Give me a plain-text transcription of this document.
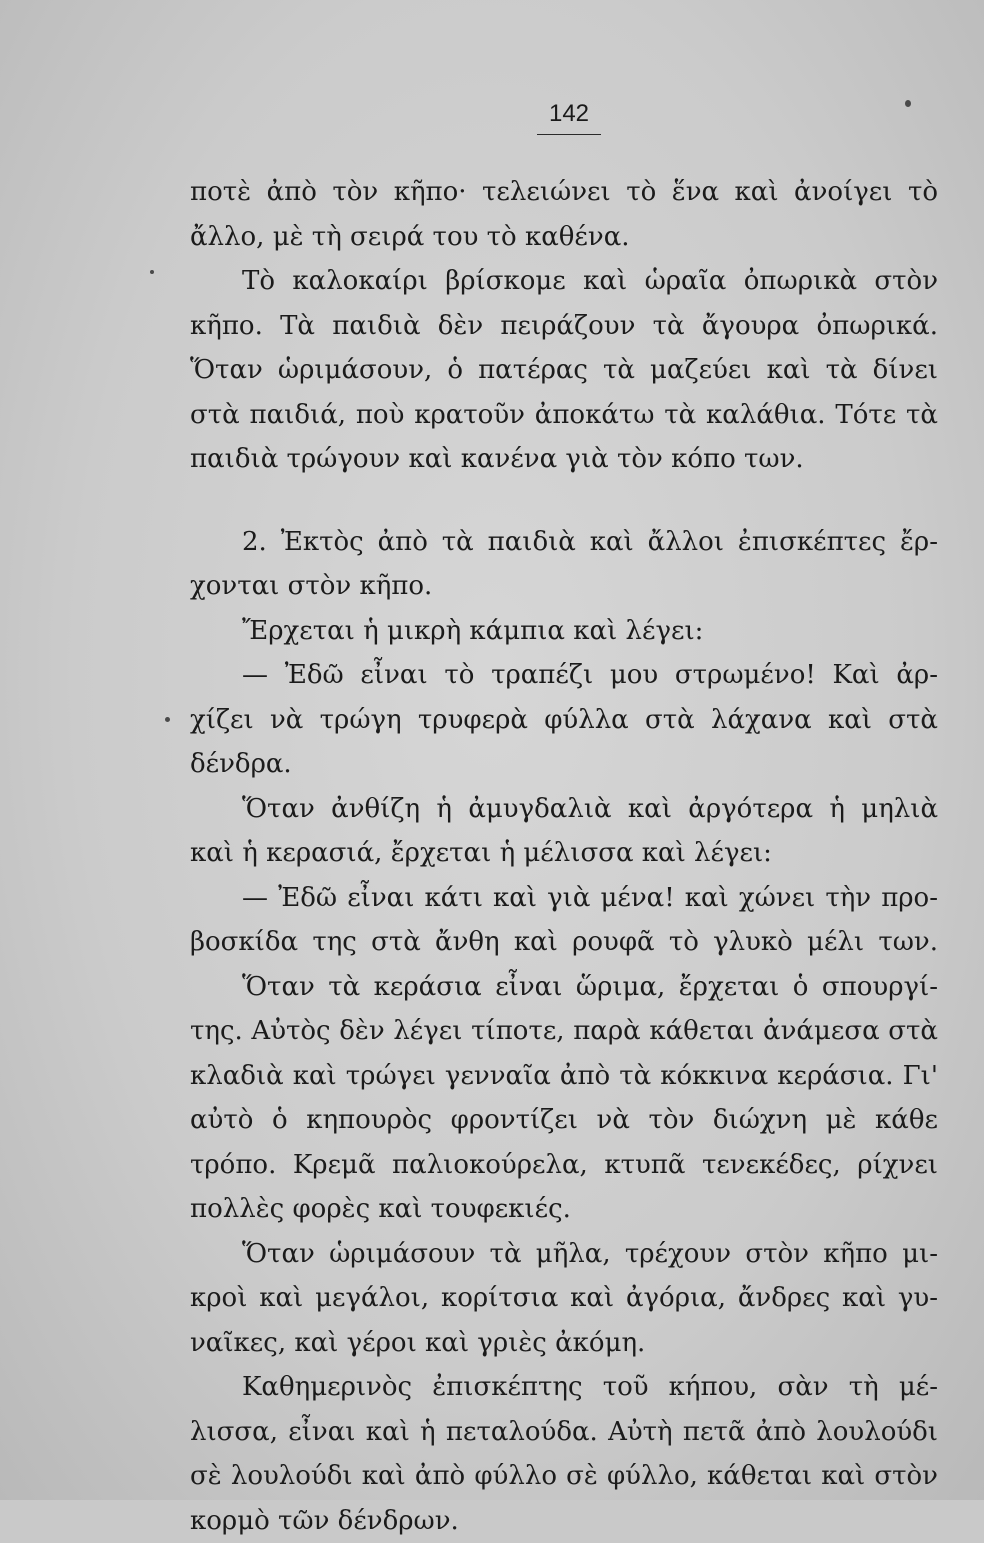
142
ποτὲ ἀπὸ τὸν κῆπο· τελειώνει τὸ ἕνα καὶ ἀνοίγει τὸ
ἄλλο, μὲ τὴ σειρά του τὸ καθένα.
Τὸ καλοκαίρι βρίσκομε καὶ ὡραῖα ὀπωρικὰ στὸν
κῆπο. Τὰ παιδιὰ δὲν πειράζουν τὰ ἄγουρα ὀπωρικά.
Ὅταν ὡριμάσουν, ὁ πατέρας τὰ μαζεύει καὶ τὰ δίνει
στὰ παιδιά, ποὺ κρατοῦν ἀποκάτω τὰ καλάθια. Τότε τὰ
παιδιὰ τρώγουν καὶ κανένα γιὰ τὸν κόπο των.
2. Ἐκτὸς ἀπὸ τὰ παιδιὰ καὶ ἄλλοι ἐπισκέπτες ἔρ-
χονται στὸν κῆπο.
Ἔρχεται ἡ μικρὴ κάμπια καὶ λέγει:
— Ἐδῶ εἶναι τὸ τραπέζι μου στρωμένο! Καὶ ἀρ-
χίζει νὰ τρώγη τρυφερὰ φύλλα στὰ λάχανα καὶ στὰ
δένδρα.
Ὅταν ἀνθίζη ἡ ἀμυγδαλιὰ καὶ ἀργότερα ἡ μηλιὰ
καὶ ἡ κερασιά, ἔρχεται ἡ μέλισσα καὶ λέγει:
— Ἐδῶ εἶναι κάτι καὶ γιὰ μένα! καὶ χώνει τὴν προ-
βοσκίδα της στὰ ἄνθη καὶ ρουφᾶ τὸ γλυκὸ μέλι των.
Ὅταν τὰ κεράσια εἶναι ὥριμα, ἔρχεται ὁ σπουργί-
της. Αὐτὸς δὲν λέγει τίποτε, παρὰ κάθεται ἀνάμεσα στὰ
κλαδιὰ καὶ τρώγει γενναῖα ἀπὸ τὰ κόκκινα κεράσια. Γι'
αὐτὸ ὁ κηπουρὸς φροντίζει νὰ τὸν διώχνη μὲ κάθε
τρόπο. Κρεμᾶ παλιοκούρελα, κτυπᾶ τενεκέδες, ρίχνει
πολλὲς φορὲς καὶ τουφεκιές.
Ὅταν ὡριμάσουν τὰ μῆλα, τρέχουν στὸν κῆπο μι-
κροὶ καὶ μεγάλοι, κορίτσια καὶ ἀγόρια, ἄνδρες καὶ γυ-
ναῖκες, καὶ γέροι καὶ γριὲς ἀκόμη.
Καθημερινὸς ἐπισκέπτης τοῦ κήπου, σὰν τὴ μέ-
λισσα, εἶναι καὶ ἡ πεταλούδα. Αὐτὴ πετᾶ ἀπὸ λουλούδι
σὲ λουλούδι καὶ ἀπὸ φύλλο σὲ φύλλο, κάθεται καὶ στὸν
κορμὸ τῶν δένδρων.
